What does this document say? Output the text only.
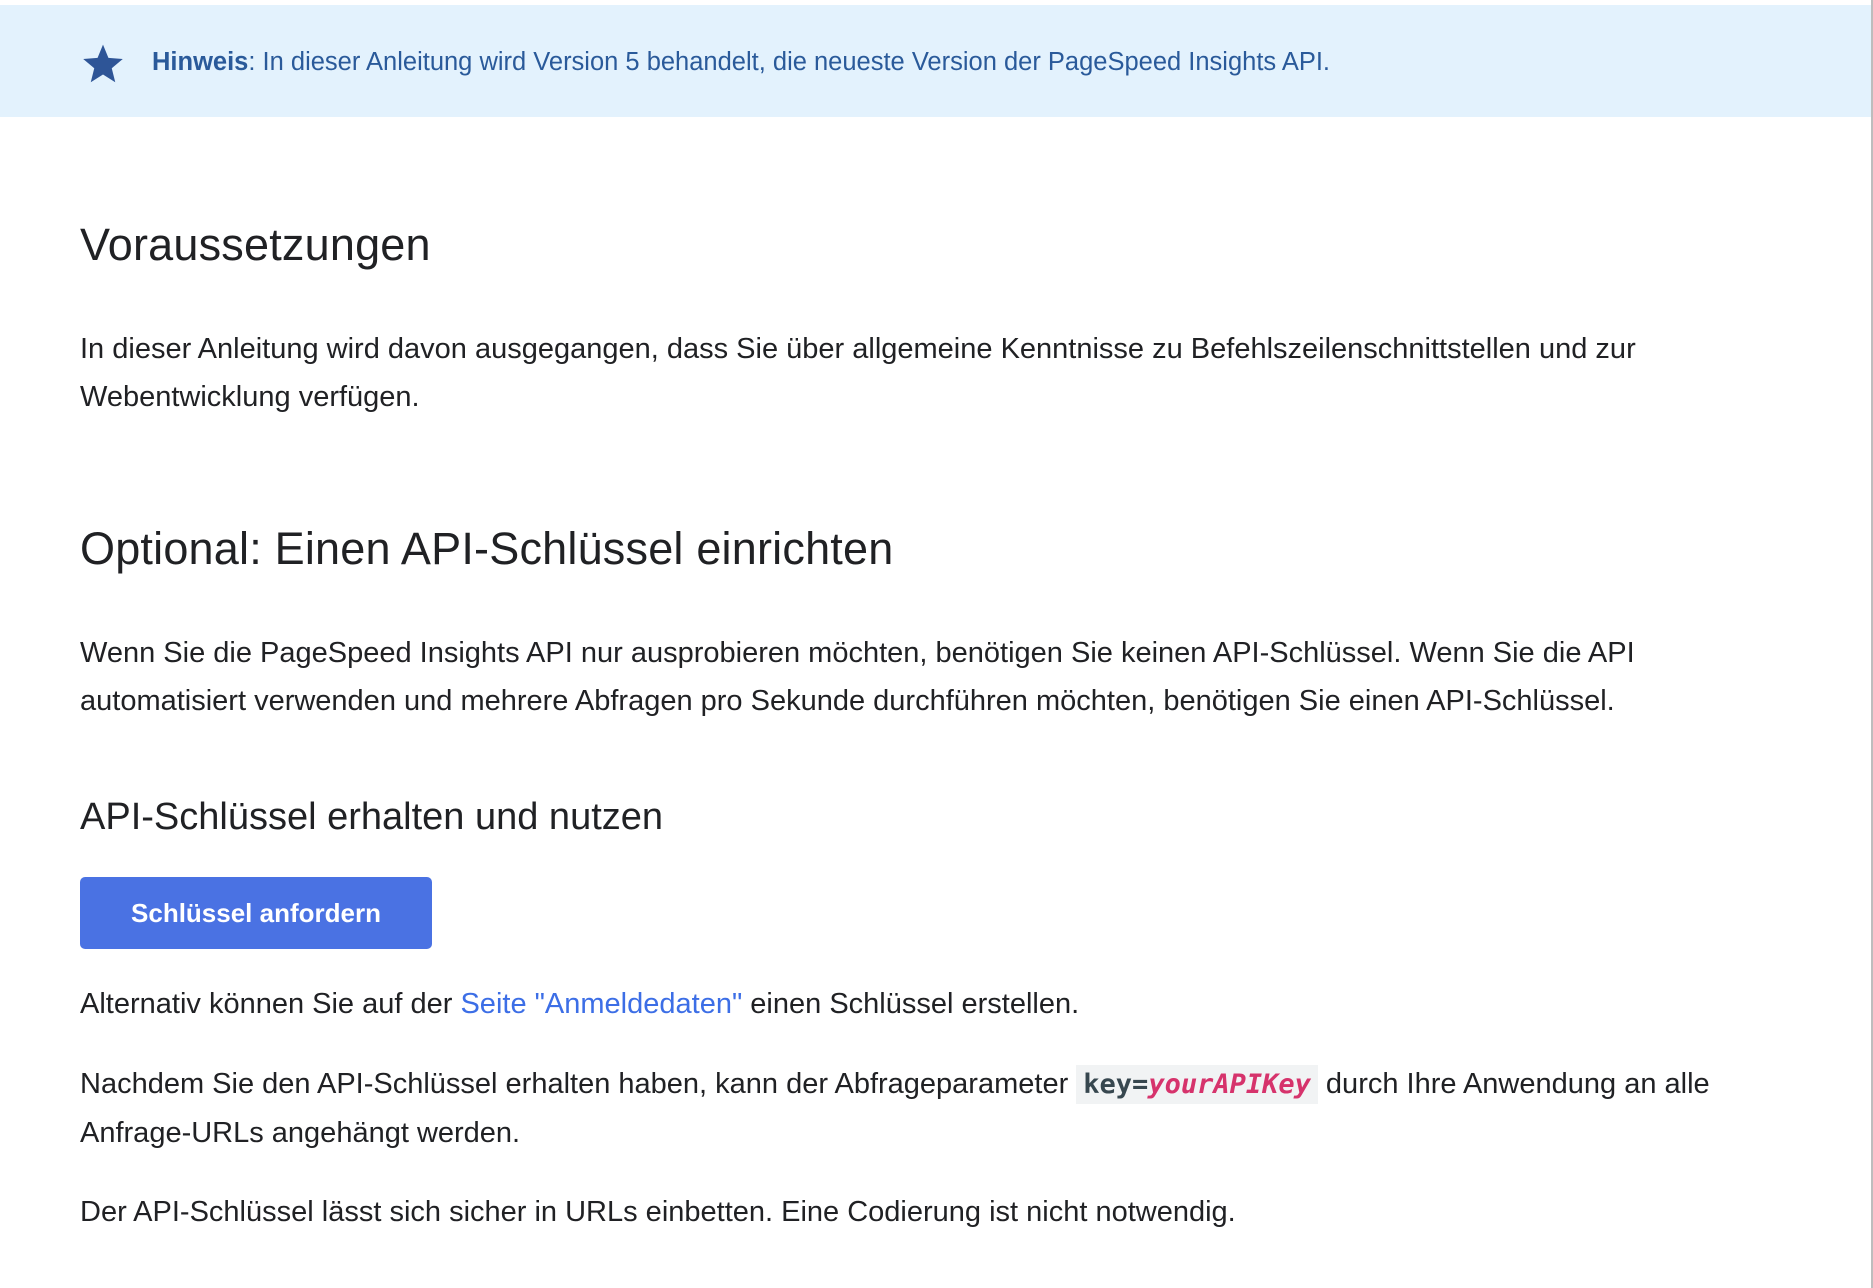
Hinweis: In dieser Anleitung wird Version 5 behandelt, die neueste Version der PageSpeed Insights API.
Voraussetzungen

In dieser Anleitung wird davon ausgegangen, dass Sie über allgemeine Kenntnisse zu Befehlszeilenschnittstellen und zur Webentwicklung verfügen.

Optional: Einen API-Schlüssel einrichten

Wenn Sie die PageSpeed Insights API nur ausprobieren möchten, benötigen Sie keinen API-Schlüssel. Wenn Sie die API automatisiert verwenden und mehrere Abfragen pro Sekunde durchführen möchten, benötigen Sie einen API-Schlüssel.

API-Schlüssel erhalten und nutzen
Schlüssel anfordern

Alternativ können Sie auf der Seite "Anmeldedaten" einen Schlüssel erstellen.

Nachdem Sie den API-Schlüssel erhalten haben, kann der Abfrageparameter key=yourAPIKey durch Ihre Anwendung an alle Anfrage-URLs angehängt werden.

Der API-Schlüssel lässt sich sicher in URLs einbetten. Eine Codierung ist nicht notwendig.
